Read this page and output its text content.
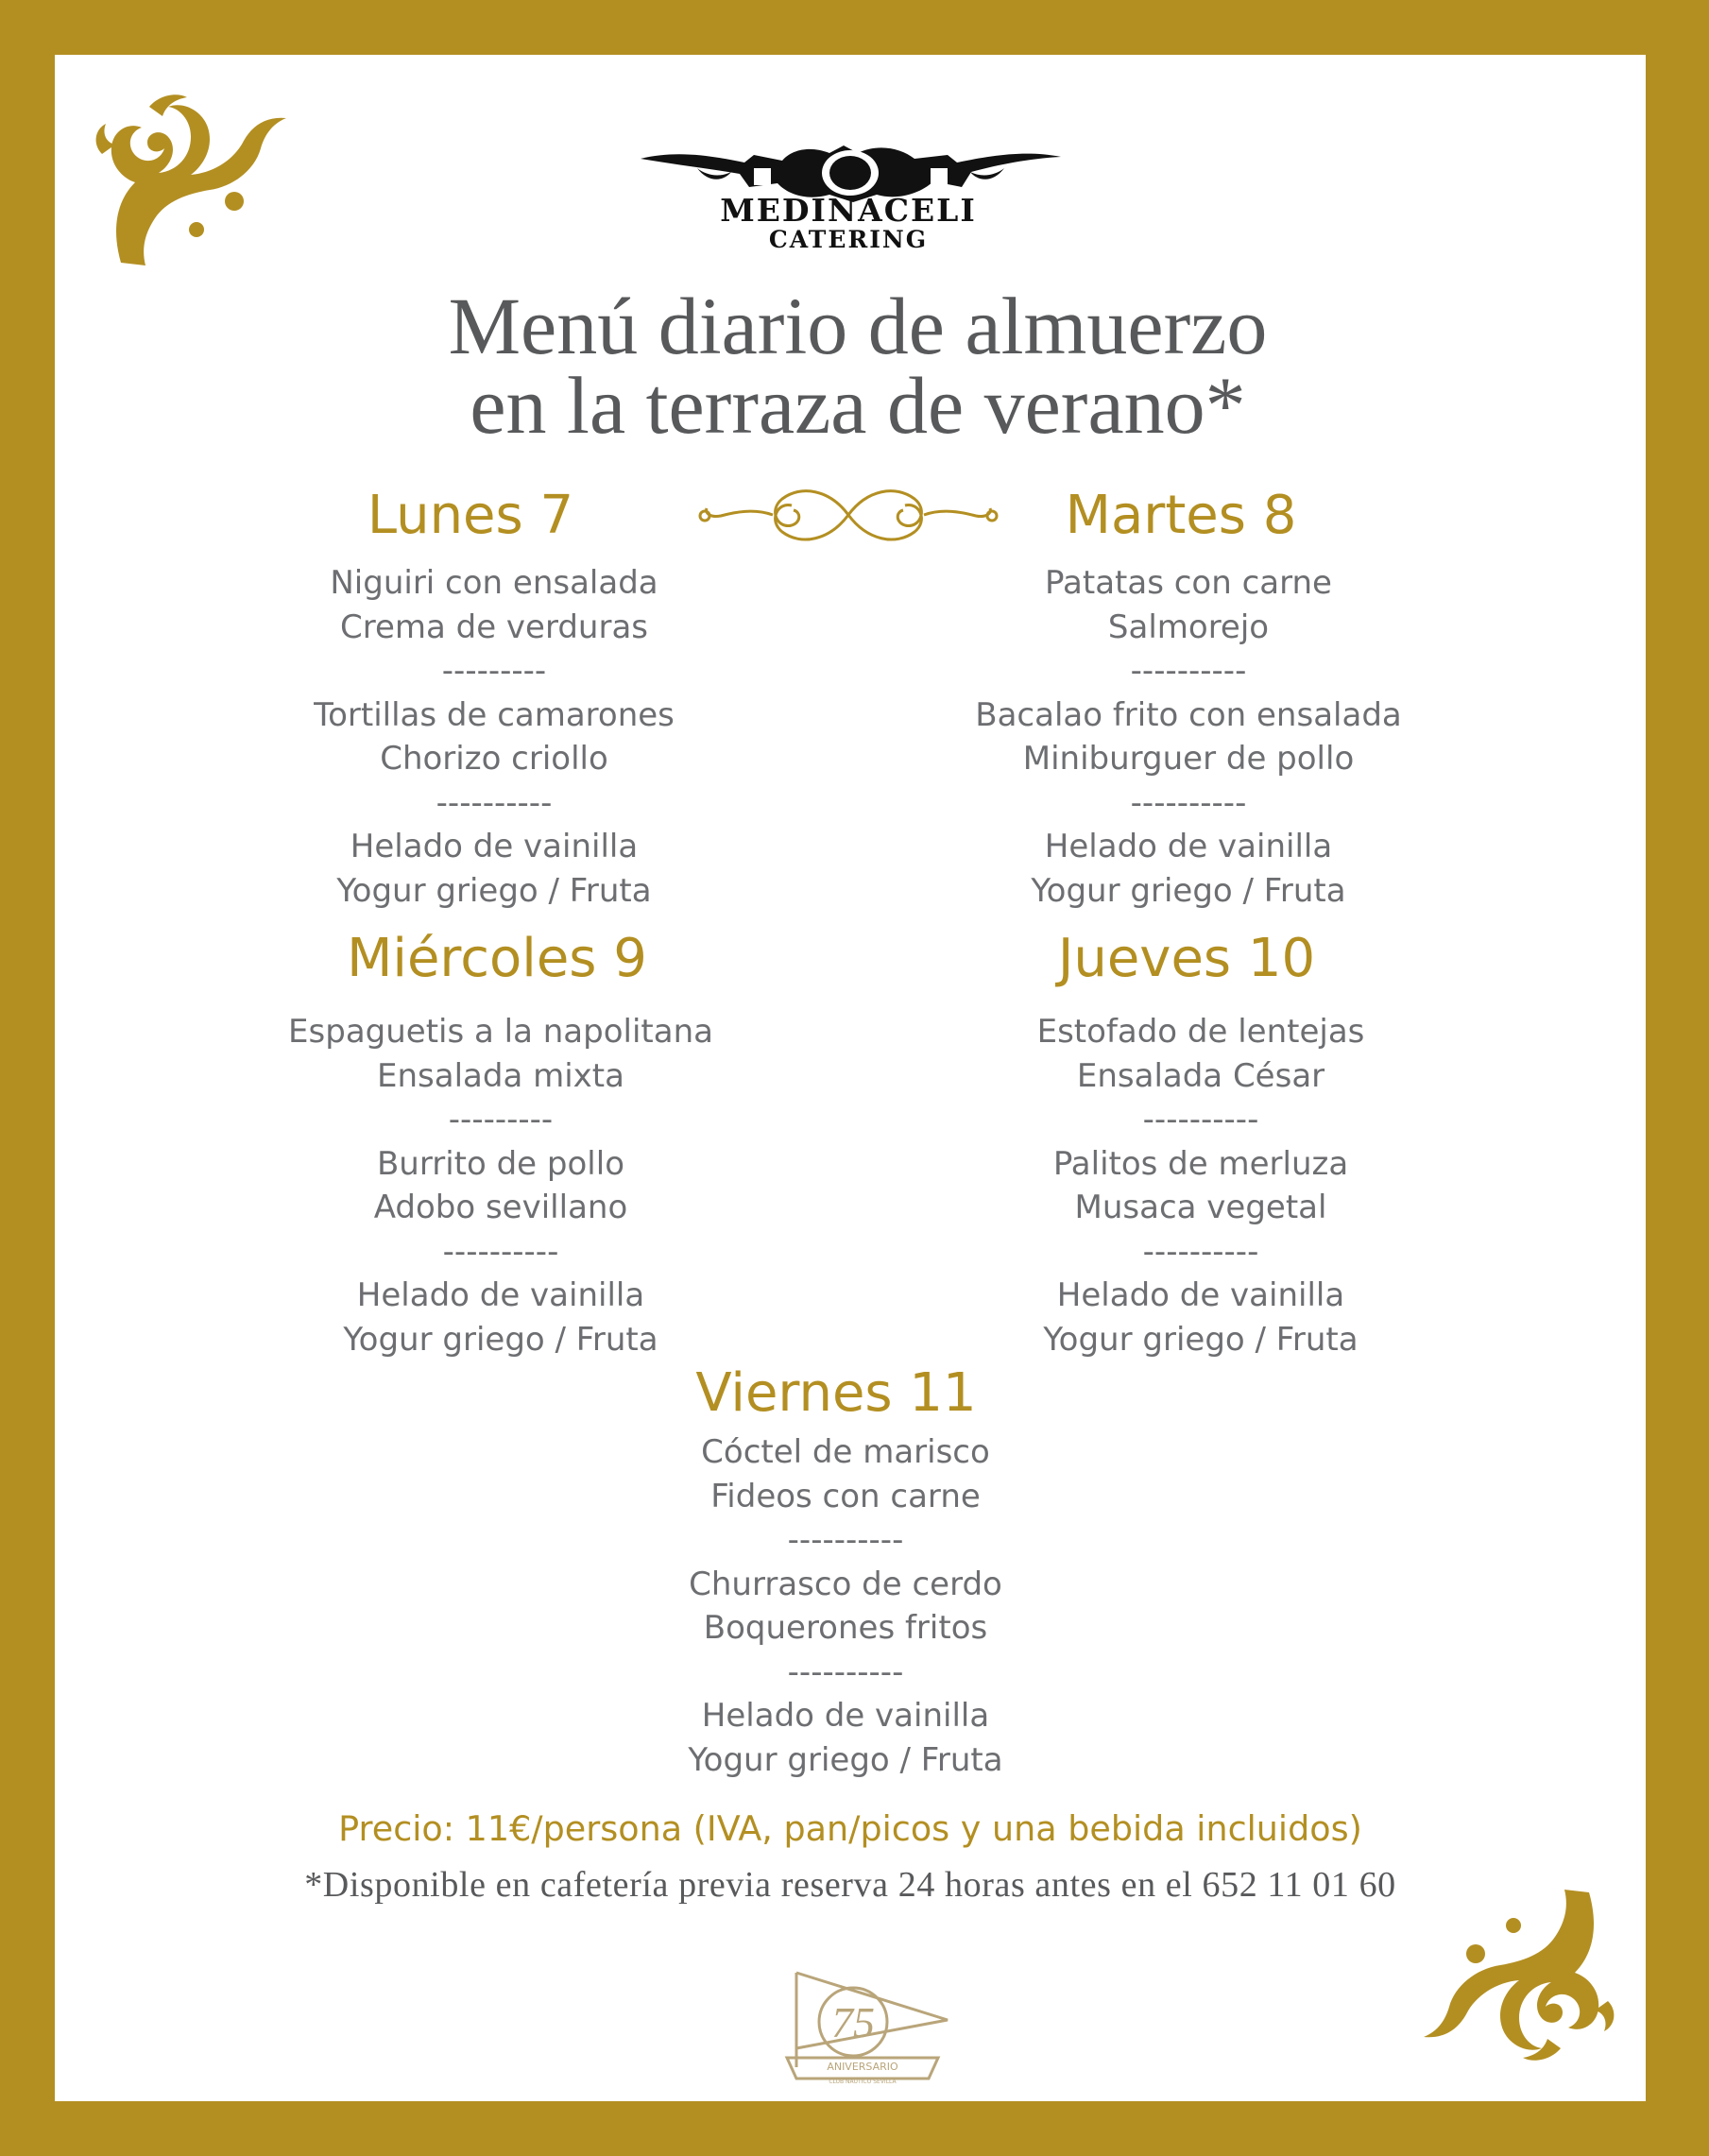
MEDINACELI
CATERING
Menú diario de almuerzo
en la terraza de verano*
Lunes 7
Niguiri con ensalada
Crema de verduras
---------
Tortillas de camarones
Chorizo criollo
----------
Helado de vainilla
Yogur griego / Fruta
Martes 8
Patatas con carne
Salmorejo
----------
Bacalao frito con ensalada
Miniburguer de pollo
----------
Helado de vainilla
Yogur griego / Fruta
Miércoles 9
Espaguetis a la napolitana
Ensalada mixta
---------
Burrito de pollo
Adobo sevillano
----------
Helado de vainilla
Yogur griego / Fruta
Jueves 10
Estofado de lentejas
Ensalada César
----------
Palitos de merluza
Musaca vegetal
----------
Helado de vainilla
Yogur griego / Fruta
Viernes 11
Cóctel de marisco
Fideos con carne
----------
Churrasco de cerdo
Boquerones fritos
----------
Helado de vainilla
Yogur griego / Fruta
Precio: 11€/persona (IVA, pan/picos y una bebida incluidos)
*Disponible en cafetería previa reserva 24 horas antes en el 652 11 01 60
75
ANIVERSARIO
CLUB NAUTICO SEVILLA
